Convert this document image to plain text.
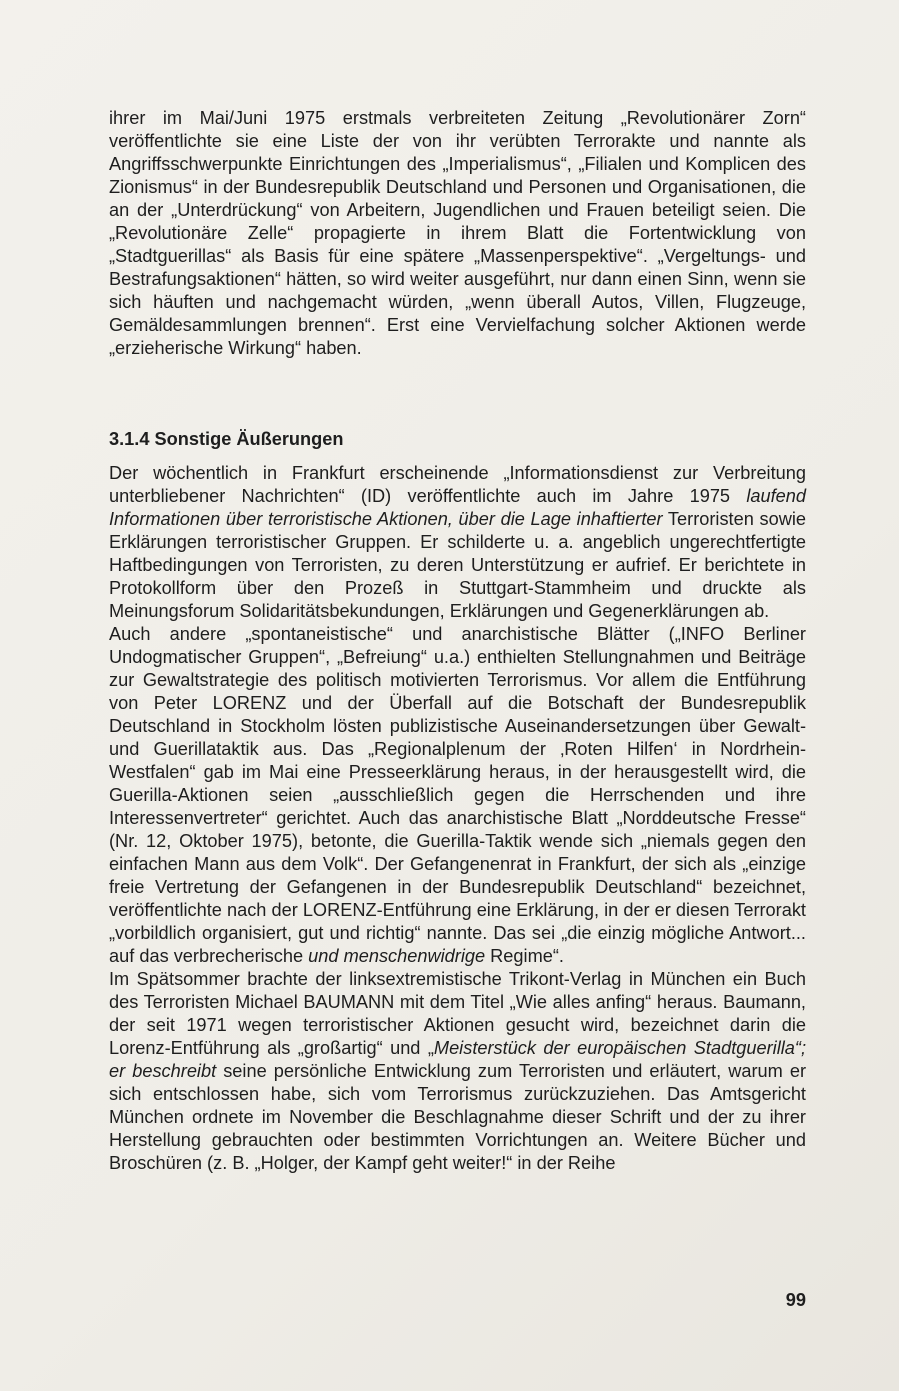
ihrer im Mai/Juni 1975 erstmals verbreiteten Zeitung „Revolutionärer Zorn“ veröffentlichte sie eine Liste der von ihr verübten Terrorakte und nannte als Angriffsschwerpunkte Einrichtungen des „Imperialismus“, „Filialen und Komplicen des Zionismus“ in der Bundesrepublik Deutschland und Personen und Organisationen, die an der „Unterdrückung“ von Arbeitern, Jugendlichen und Frauen beteiligt seien. Die „Revolutionäre Zelle“ propagierte in ihrem Blatt die Fortentwicklung von „Stadtguerillas“ als Basis für eine spätere „Massenperspektive“. „Vergeltungs- und Bestrafungsaktionen“ hätten, so wird weiter ausgeführt, nur dann einen Sinn, wenn sie sich häuften und nachgemacht würden, „wenn überall Autos, Villen, Flugzeuge, Gemäldesammlungen brennen“. Erst eine Vervielfachung solcher Aktionen werde „erzieherische Wirkung“ haben.

3.1.4 Sonstige Äußerungen

Der wöchentlich in Frankfurt erscheinende „Informationsdienst zur Verbreitung unterbliebener Nachrichten“ (ID) veröffentlichte auch im Jahre 1975 laufend Informationen über terroristische Aktionen, über die Lage inhaftierter Terroristen sowie Erklärungen terroristischer Gruppen. Er schilderte u. a. angeblich ungerechtfertigte Haftbedingungen von Terroristen, zu deren Unterstützung er aufrief. Er berichtete in Protokollform über den Prozeß in Stuttgart-Stammheim und druckte als Meinungsforum Solidaritätsbekundungen, Erklärungen und Gegenerklärungen ab.

Auch andere „spontaneistische“ und anarchistische Blätter („INFO Berliner Undogmatischer Gruppen“, „Befreiung“ u.a.) enthielten Stellungnahmen und Beiträge zur Gewaltstrategie des politisch motivierten Terrorismus. Vor allem die Entführung von Peter LORENZ und der Überfall auf die Botschaft der Bundesrepublik Deutschland in Stockholm lösten publizistische Auseinandersetzungen über Gewalt- und Guerillataktik aus. Das „Regionalplenum der ‚Roten Hilfen‘ in Nordrhein-Westfalen“ gab im Mai eine Presseerklärung heraus, in der herausgestellt wird, die Guerilla-Aktionen seien „ausschließlich gegen die Herrschenden und ihre Interessenvertreter“ gerichtet. Auch das anarchistische Blatt „Norddeutsche Fresse“ (Nr. 12, Oktober 1975), betonte, die Guerilla-Taktik wende sich „niemals gegen den einfachen Mann aus dem Volk“. Der Gefangenenrat in Frankfurt, der sich als „einzige freie Vertretung der Gefangenen in der Bundesrepublik Deutschland“ bezeichnet, veröffentlichte nach der LORENZ-Entführung eine Erklärung, in der er diesen Terrorakt „vorbildlich organisiert, gut und richtig“ nannte. Das sei „die einzig mögliche Antwort... auf das verbrecherische und menschenwidrige Regime“.

Im Spätsommer brachte der linksextremistische Trikont-Verlag in München ein Buch des Terroristen Michael BAUMANN mit dem Titel „Wie alles anfing“ heraus. Baumann, der seit 1971 wegen terroristischer Aktionen gesucht wird, bezeichnet darin die Lorenz-Entführung als „großartig“ und „Meisterstück der europäischen Stadtguerilla“; er beschreibt seine persönliche Entwicklung zum Terroristen und erläutert, warum er sich entschlossen habe, sich vom Terrorismus zurückzuziehen. Das Amtsgericht München ordnete im November die Beschlagnahme dieser Schrift und der zu ihrer Herstellung gebrauchten oder bestimmten Vorrichtungen an. Weitere Bücher und Broschüren (z. B. „Holger, der Kampf geht weiter!“ in der Reihe

99
